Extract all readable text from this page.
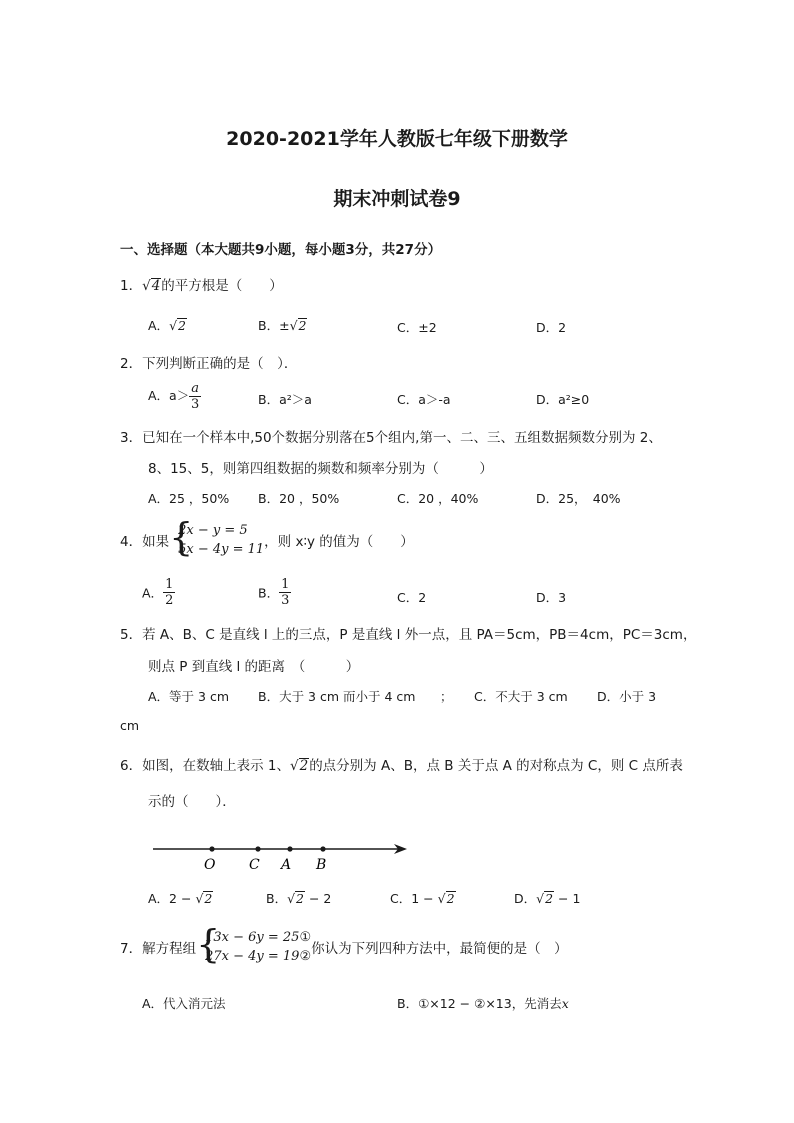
2020-2021学年人教版七年级下册数学
期末冲刺试卷9
一、选择题（本大题共9小题，每小题3分，共27分）
1．√4的平方根是（　　）
A．√2	B．±√2	C．±2	D．2
2．下列判断正确的是（　）．
A．$a> \frac{a}{3}$	B．a²＞a	C．a＞-a	D．a²≥0
3．已知在一个样本中,50个数据分别落在5个组内,第一、二、三、五组数据频数分别为 2、
8、15、5，则第四组数据的频数和频率分别为（　　　）
A．25 ，50% B．20 ，50%	C．20 ，40%	D．25，　40%
4．如果 {
2x − y = 5
5x − 4y = 11 ，则 x∶y 的值为（　　）
A． $\frac{1}{2}$	B． $\frac{1}{3}$	C．2	D．3
5．若 A、B、C 是直线 l 上的三点，P 是直线 l 外一点，且 PA＝5cm，PB＝4cm，PC＝3cm，
则点 P 到直线 l 的距离　（　　　）
A．等于 3 cm B．大于 3 cm 而小于 4 cm ； C．不大于 3 cm D．小于 3
cm
6．如图，在数轴上表示 1、√2的点分别为 A、B，点 B 关于点 A 的对称点为 C，则 C 点所表
示的（　　）．
O C A B
A．2 − √2	B．√2 − 2	C．1 − √2	D．√2 − 1
7．解方程组 {
13x − 6y = 25①
27x − 4y = 19② 你认为下列四种方法中，最简便的是（　）
A．代入消元法	B．①×12 − ②×13，先消去x
